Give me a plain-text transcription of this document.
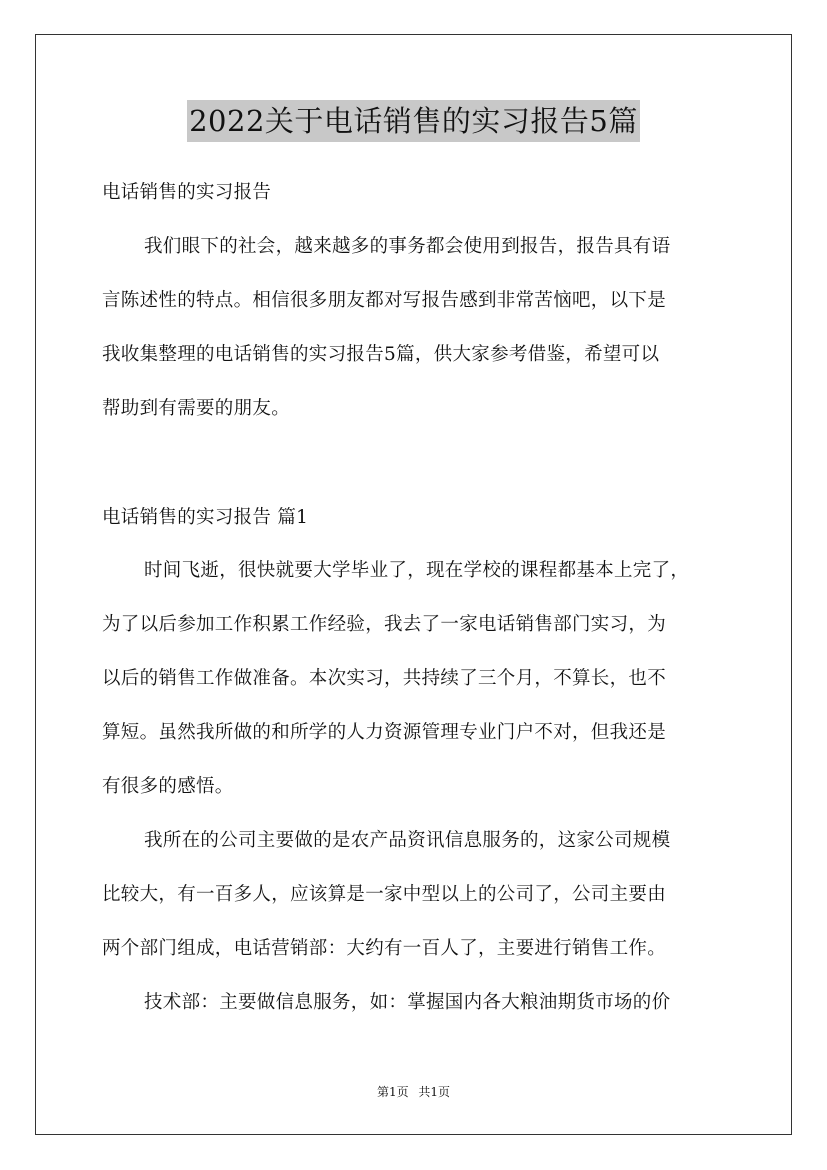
2022关于电话销售的实习报告5篇
电话销售的实习报告
我们眼下的社会，越来越多的事务都会使用到报告，报告具有语
言陈述性的特点。相信很多朋友都对写报告感到非常苦恼吧，以下是
我收集整理的电话销售的实习报告5篇，供大家参考借鉴，希望可以
帮助到有需要的朋友。
电话销售的实习报告 篇1
时间飞逝，很快就要大学毕业了，现在学校的课程都基本上完了，
为了以后参加工作积累工作经验，我去了一家电话销售部门实习，为
以后的销售工作做准备。本次实习，共持续了三个月，不算长，也不
算短。虽然我所做的和所学的人力资源管理专业门户不对，但我还是
有很多的感悟。
我所在的公司主要做的是农产品资讯信息服务的，这家公司规模
比较大，有一百多人，应该算是一家中型以上的公司了，公司主要由
两个部门组成，电话营销部：大约有一百人了，主要进行销售工作。
技术部：主要做信息服务，如：掌握国内各大粮油期货市场的价
第1页 共1页
